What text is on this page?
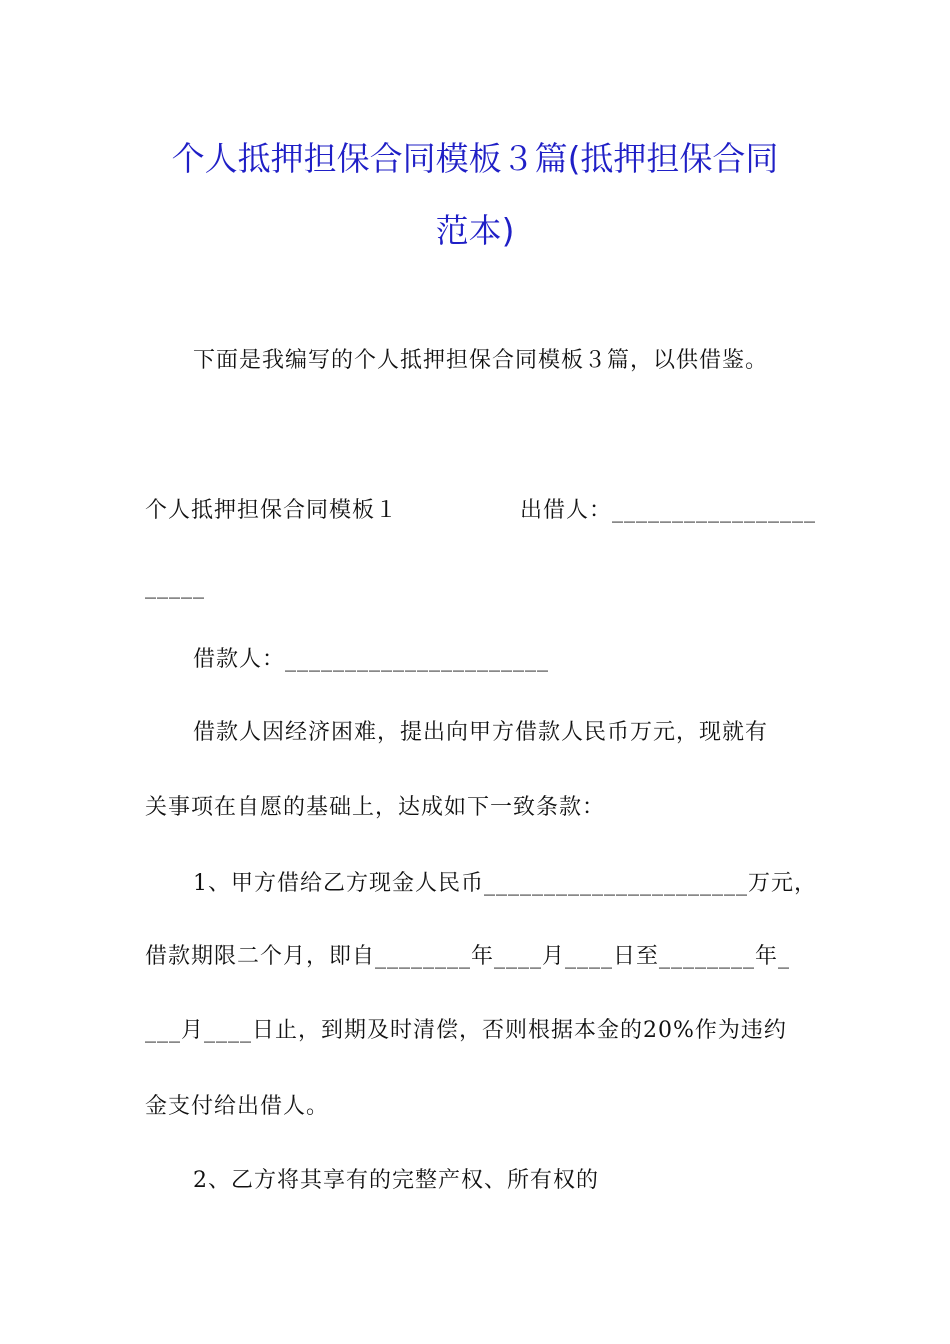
个人抵押担保合同模板３篇(抵押担保合同
范本)
下面是我编写的个人抵押担保合同模板３篇，以供借鉴。
个人抵押担保合同模板１	出借人：_________________
_____
借款人：______________________
借款人因经济困难，提出向甲方借款人民币万元，现就有
关事项在自愿的基础上，达成如下一致条款：
1、甲方借给乙方现金人民币______________________万元，
借款期限二个月，即自________年____月____日至________年_
___月____日止，到期及时清偿，否则根据本金的20%作为违约
金支付给出借人。
2、乙方将其享有的完整产权、所有权的
